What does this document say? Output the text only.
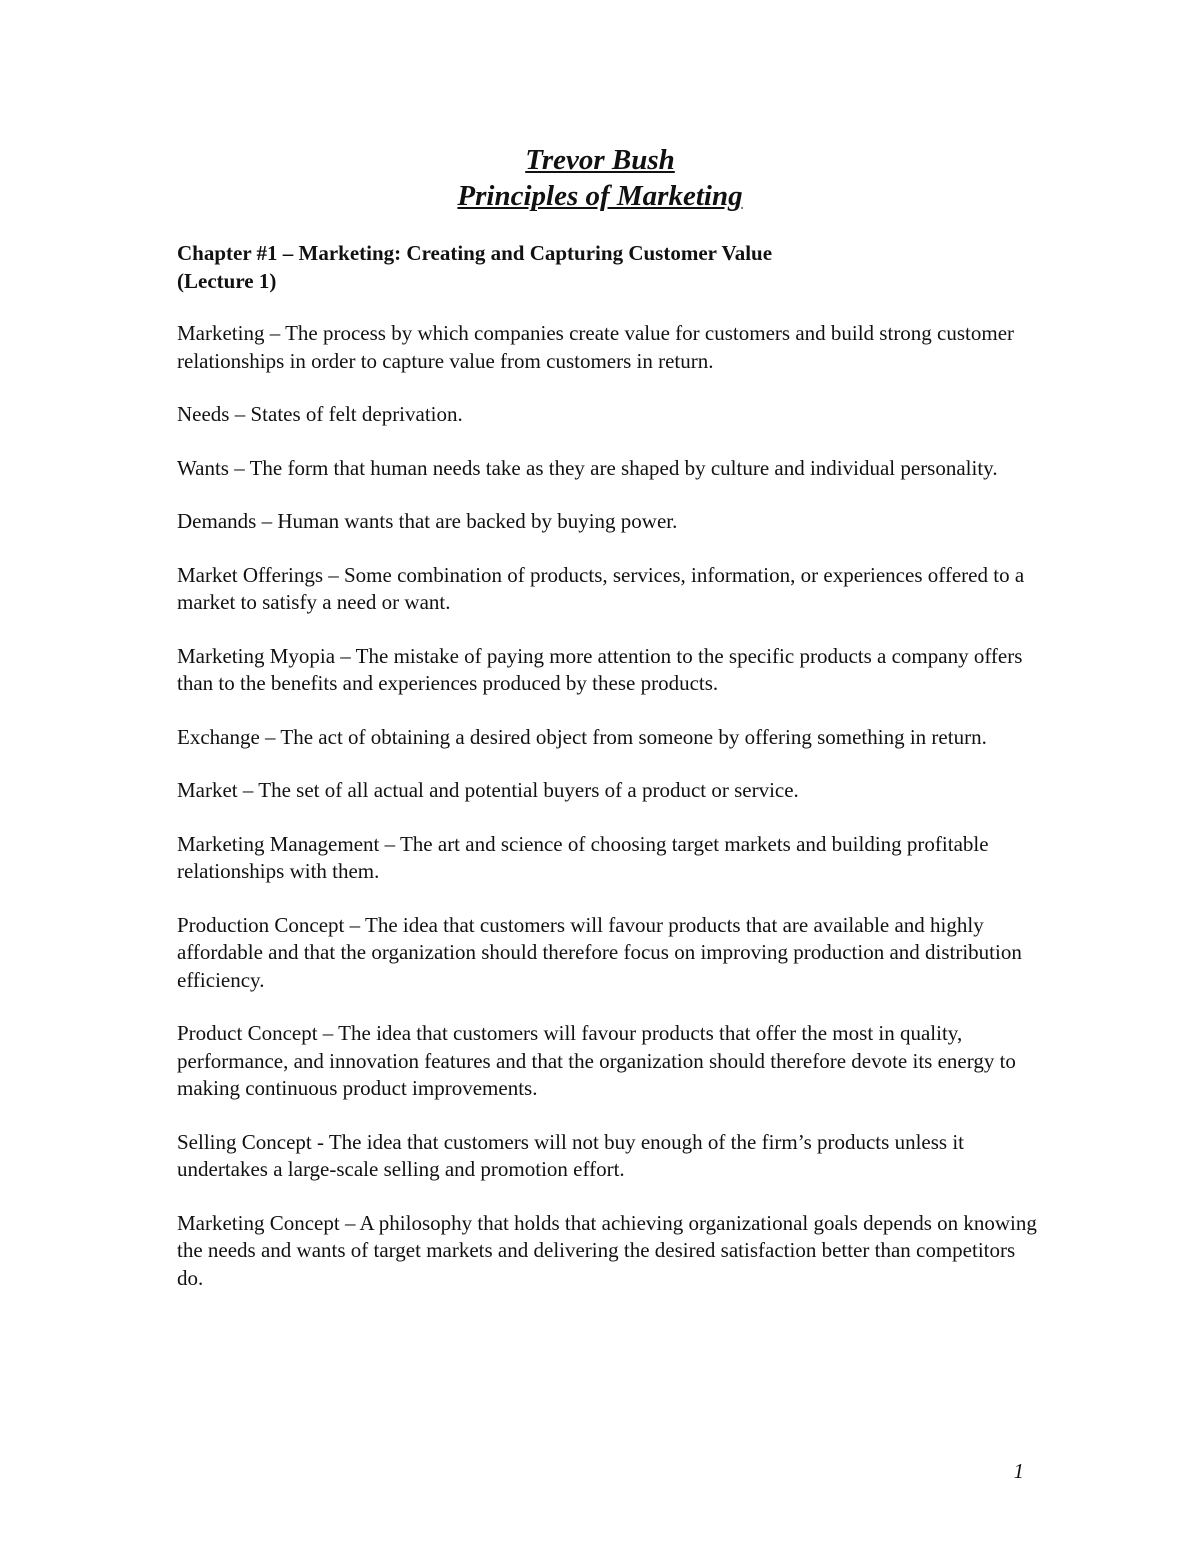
Trevor Bush
Principles of Marketing
Chapter #1 – Marketing: Creating and Capturing Customer Value
(Lecture 1)

Marketing – The process by which companies create value for customers and build strong customer relationships in order to capture value from customers in return.

Needs – States of felt deprivation.

Wants – The form that human needs take as they are shaped by culture and individual personality.

Demands – Human wants that are backed by buying power.

Market Offerings – Some combination of products, services, information, or experiences offered to a market to satisfy a need or want.

Marketing Myopia – The mistake of paying more attention to the specific products a company offers than to the benefits and experiences produced by these products.

Exchange – The act of obtaining a desired object from someone by offering something in return.

Market – The set of all actual and potential buyers of a product or service.

Marketing Management – The art and science of choosing target markets and building profitable relationships with them.

Production Concept – The idea that customers will favour products that are available and highly affordable and that the organization should therefore focus on improving production and distribution efficiency.

Product Concept – The idea that customers will favour products that offer the most in quality, performance, and innovation features and that the organization should therefore devote its energy to making continuous product improvements.

Selling Concept - The idea that customers will not buy enough of the firm’s products unless it undertakes a large-scale selling and promotion effort.

Marketing Concept – A philosophy that holds that achieving organizational goals depends on knowing the needs and wants of target markets and delivering the desired satisfaction better than competitors do.

1
